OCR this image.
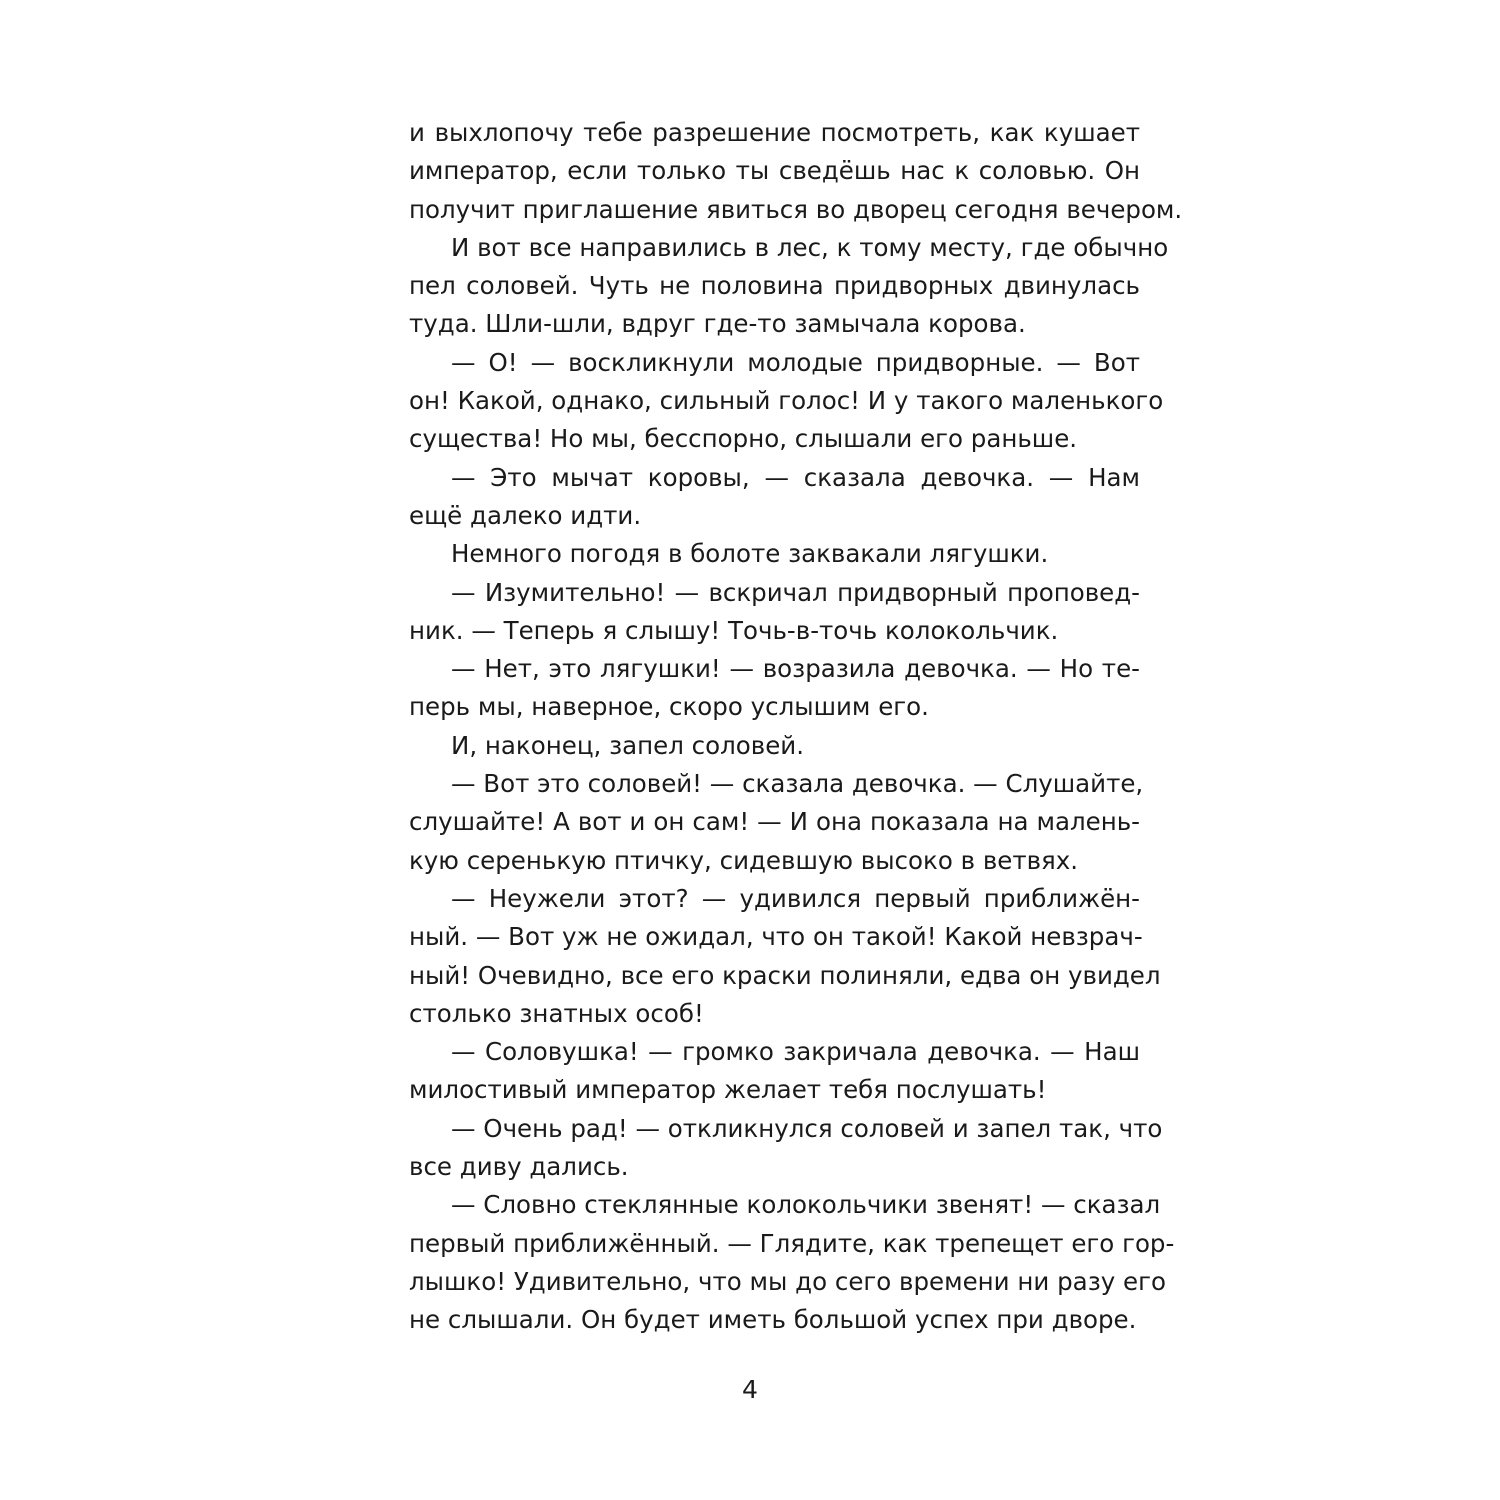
и выхлопочу тебе разрешение посмотреть, как кушает
император, если только ты сведёшь нас к соловью. Он
получит приглашение явиться во дворец сегодня вечером.
И вот все направились в лес, к тому месту, где обычно
пел соловей. Чуть не половина придворных двинулась
туда. Шли-шли, вдруг где-то замычала корова.
— О! — воскликнули молодые придворные. — Вот
он! Какой, однако, сильный голос! И у такого маленького
существа! Но мы, бесспорно, слышали его раньше.
— Это мычат коровы, — сказала девочка. — Нам
ещё далеко идти.
Немного погодя в болоте заквакали лягушки.
— Изумительно! — вскричал придворный проповед-
ник. — Теперь я слышу! Точь-в-точь колокольчик.
— Нет, это лягушки! — возразила девочка. — Но те-
перь мы, наверное, скоро услышим его.
И, наконец, запел соловей.
— Вот это соловей! — сказала девочка. — Слушайте,
слушайте! А вот и он сам! — И она показала на малень-
кую серенькую птичку, сидевшую высоко в ветвях.
— Неужели этот? — удивился первый приближён-
ный. — Вот уж не ожидал, что он такой! Какой невзрач-
ный! Очевидно, все его краски полиняли, едва он увидел
столько знатных особ!
— Соловушка! — громко закричала девочка. — Наш
милостивый император желает тебя послушать!
— Очень рад! — откликнулся соловей и запел так, что
все диву дались.
— Словно стеклянные колокольчики звенят! — сказал
первый приближённый. — Глядите, как трепещет его гор-
лышко! Удивительно, что мы до сего времени ни разу его
не слышали. Он будет иметь большой успех при дворе.
4
